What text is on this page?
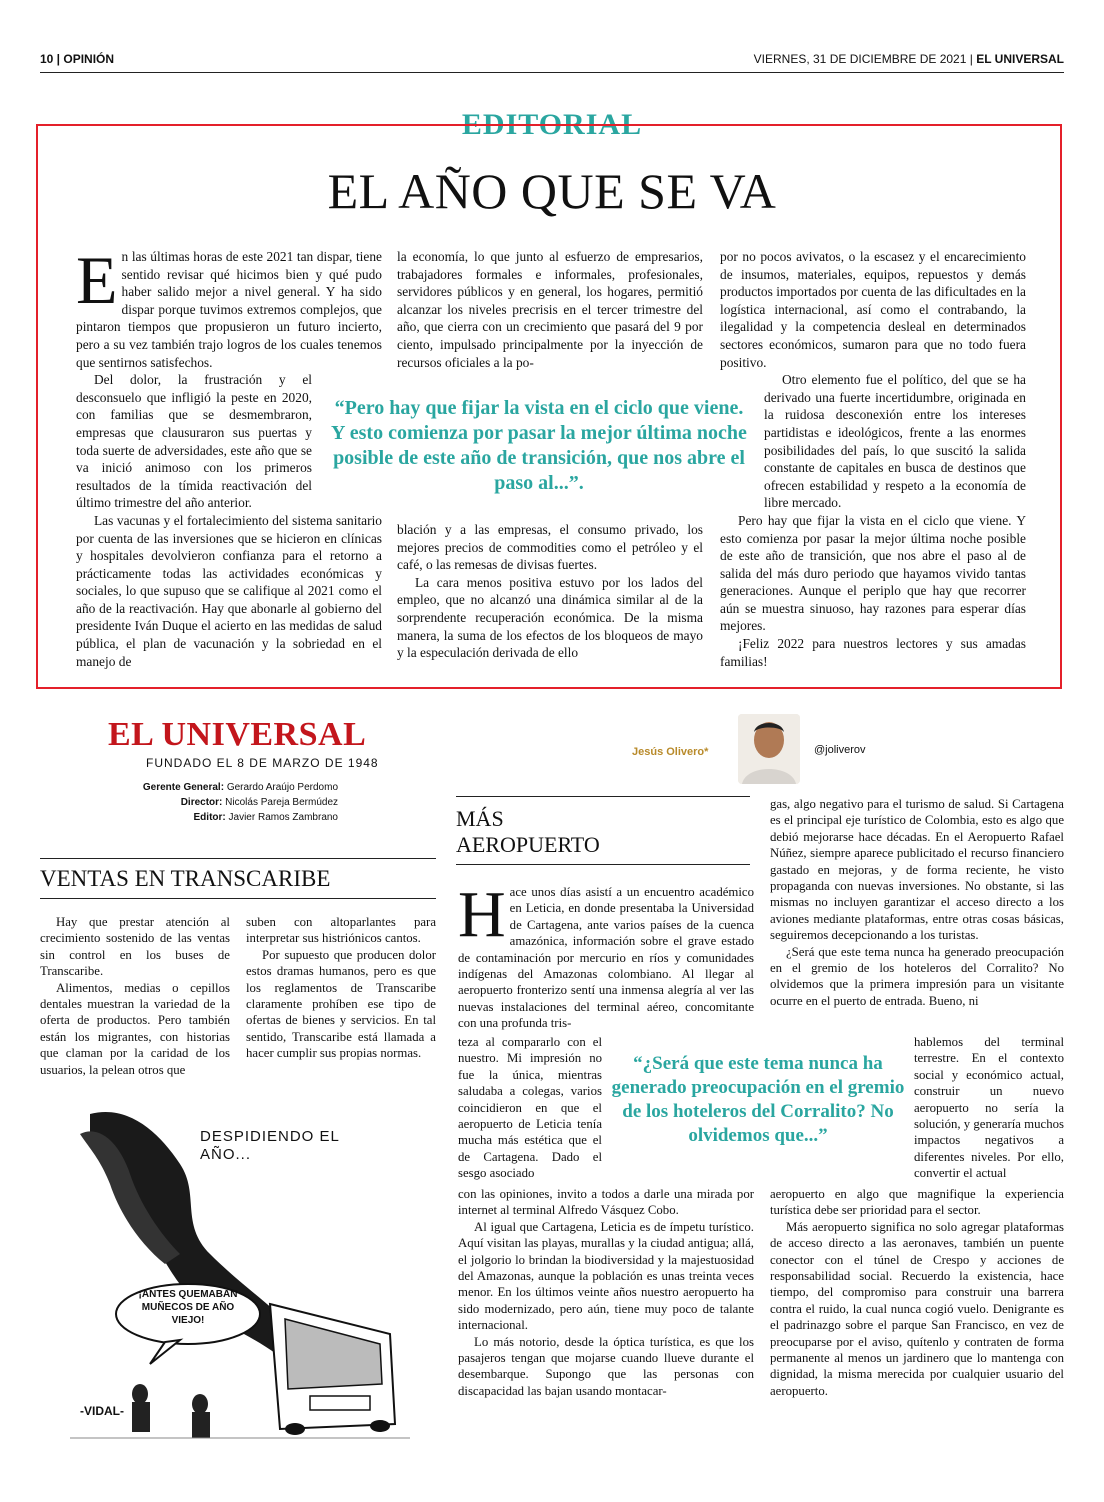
10 | OPINIÓN	VIERNES, 31 DE DICIEMBRE DE 2021 | EL UNIVERSAL
EDITORIAL
EL AÑO QUE SE VA

En las últimas horas de este 2021 tan dispar, tiene sentido revisar qué hicimos bien y qué pudo haber salido mejor a nivel general. Y ha sido dispar porque tuvimos extremos complejos, que pintaron tiempos que propusieron un futuro incierto, pero a su vez también trajo logros de los cuales tenemos que sentirnos satisfechos.

Del dolor, la frustración y el desconsuelo que infligió la peste en 2020, con familias que se desmembraron, empresas que clausuraron sus puertas y toda suerte de adversidades, este año que se va inició animoso con los primeros resultados de la tímida reactivación del último trimestre del año anterior.

Las vacunas y el fortalecimiento del sistema sanitario por cuenta de las inversiones que se hicieron en clínicas y hospitales devolvieron confianza para el retorno a prácticamente todas las actividades económicas y sociales, lo que supuso que se califique al 2021 como el año de la reactivación. Hay que abonarle al gobierno del presidente Iván Duque el acierto en las medidas de salud pública, el plan de vacunación y la sobriedad en el manejo de

la economía, lo que junto al esfuerzo de empresarios, trabajadores formales e informales, profesionales, servidores públicos y en general, los hogares, permitió alcanzar los niveles precrisis en el tercer trimestre del año, que cierra con un crecimiento que pasará del 9 por ciento, impulsado principalmente por la inyección de recursos oficiales a la po-

“Pero hay que fijar la vista en el ciclo que viene. Y esto comienza por pasar la mejor última noche posible de este año de transición, que nos abre el paso al...”.

blación y a las empresas, el consumo privado, los mejores precios de commodities como el petróleo y el café, o las remesas de divisas fuertes.

La cara menos positiva estuvo por los lados del empleo, que no alcanzó una dinámica similar al de la sorprendente recuperación económica. De la misma manera, la suma de los efectos de los bloqueos de mayo y la especulación derivada de ello

por no pocos avivatos, o la escasez y el encarecimiento de insumos, materiales, equipos, repuestos y demás productos importados por cuenta de las dificultades en la logística internacional, así como el contrabando, la ilegalidad y la competencia desleal en determinados sectores económicos, sumaron para que no todo fuera positivo.

Otro elemento fue el político, del que se ha derivado una fuerte incertidumbre, originada en la ruidosa desconexión entre los intereses partidistas e ideológicos, frente a las enormes posibilidades del país, lo que suscitó la salida constante de capitales en busca de destinos que ofrecen estabilidad y respeto a la economía de libre mercado.

Pero hay que fijar la vista en el ciclo que viene. Y esto comienza por pasar la mejor última noche posible de este año de transición, que nos abre el paso al de salida del más duro periodo que hayamos vivido tantas generaciones. Aunque el periplo que hay que recorrer aún se muestra sinuoso, hay razones para esperar días mejores.

¡Feliz 2022 para nuestros lectores y sus amadas familias!

EL UNIVERSAL
FUNDADO EL 8 DE MARZO DE 1948
Gerente General: Gerardo Araújo Perdomo
Director: Nicolás Pareja Bermúdez
Editor: Javier Ramos Zambrano
VENTAS EN TRANSCARIBE

Hay que prestar atención al crecimiento sostenido de las ventas sin control en los buses de Transcaribe.

Alimentos, medias o cepillos dentales muestran la variedad de la oferta de productos. Pero también están los migrantes, con historias que claman por la caridad de los usuarios, la pelean otros que

suben con altoparlantes para interpretar sus histriónicos cantos.

Por supuesto que producen dolor estos dramas humanos, pero es que los reglamentos de Transcaribe claramente prohíben ese tipo de ofertas de bienes y servicios. En tal sentido, Transcaribe está llamada a hacer cumplir sus propias normas.

DESPIDIENDO EL AÑO...
¡ANTES QUEMABAN MUÑECOS DE AÑO VIEJO!
-VIDAL-
Jesús Olivero*	@joliverov
MÁS
AEROPUERTO

Hace unos días asistí a un encuentro académico en Leticia, en donde presentaba la Universidad de Cartagena, ante varios países de la cuenca amazónica, información sobre el grave estado de contaminación por mercurio en ríos y comunidades indígenas del Amazonas colombiano. Al llegar al aeropuerto fronterizo sentí una inmensa alegría al ver las nuevas instalaciones del terminal aéreo, concomitante con una profunda tris-

teza al compararlo con el nuestro. Mi impresión no fue la única, mientras saludaba a colegas, varios coincidieron en que el aeropuerto de Leticia tenía mucha más estética que el de Cartagena. Dado el sesgo asociado

con las opiniones, invito a todos a darle una mirada por internet al terminal Alfredo Vásquez Cobo.

Al igual que Cartagena, Leticia es de ímpetu turístico. Aquí visitan las playas, murallas y la ciudad antigua; allá, el jolgorio lo brindan la biodiversidad y la majestuosidad del Amazonas, aunque la población es unas treinta veces menor. En los últimos veinte años nuestro aeropuerto ha sido modernizado, pero aún, tiene muy poco de talante internacional.

Lo más notorio, desde la óptica turística, es que los pasajeros tengan que mojarse cuando llueve durante el desembarque. Supongo que las personas con discapacidad las bajan usando montacar-

“¿Será que este tema nunca ha generado preocupación en el gremio de los hoteleros del Corralito? No olvidemos que...”

gas, algo negativo para el turismo de salud. Si Cartagena es el principal eje turístico de Colombia, esto es algo que debió mejorarse hace décadas. En el Aeropuerto Rafael Núñez, siempre aparece publicitado el recurso financiero gastado en mejoras, y de forma reciente, he visto propaganda con nuevas inversiones. No obstante, si las mismas no incluyen garantizar el acceso directo a los aviones mediante plataformas, entre otras cosas básicas, seguiremos decepcionando a los turistas.

¿Será que este tema nunca ha generado preocupación en el gremio de los hoteleros del Corralito? No olvidemos que la primera impresión para un visitante ocurre en el puerto de entrada. Bueno, ni

hablemos del terminal terrestre. En el contexto social y económico actual, construir un nuevo aeropuerto no sería la solución, y generaría muchos impactos negativos a diferentes niveles. Por ello, convertir el actual

aeropuerto en algo que magnifique la experiencia turística debe ser prioridad para el sector.

Más aeropuerto significa no solo agregar plataformas de acceso directo a las aeronaves, también un puente conector con el túnel de Crespo y acciones de responsabilidad social. Recuerdo la existencia, hace tiempo, del compromiso para construir una barrera contra el ruido, la cual nunca cogió vuelo. Denigrante es el padrinazgo sobre el parque San Francisco, en vez de preocuparse por el aviso, quítenlo y contraten de forma permanente al menos un jardinero que lo mantenga con dignidad, la misma merecida por cualquier usuario del aeropuerto.
